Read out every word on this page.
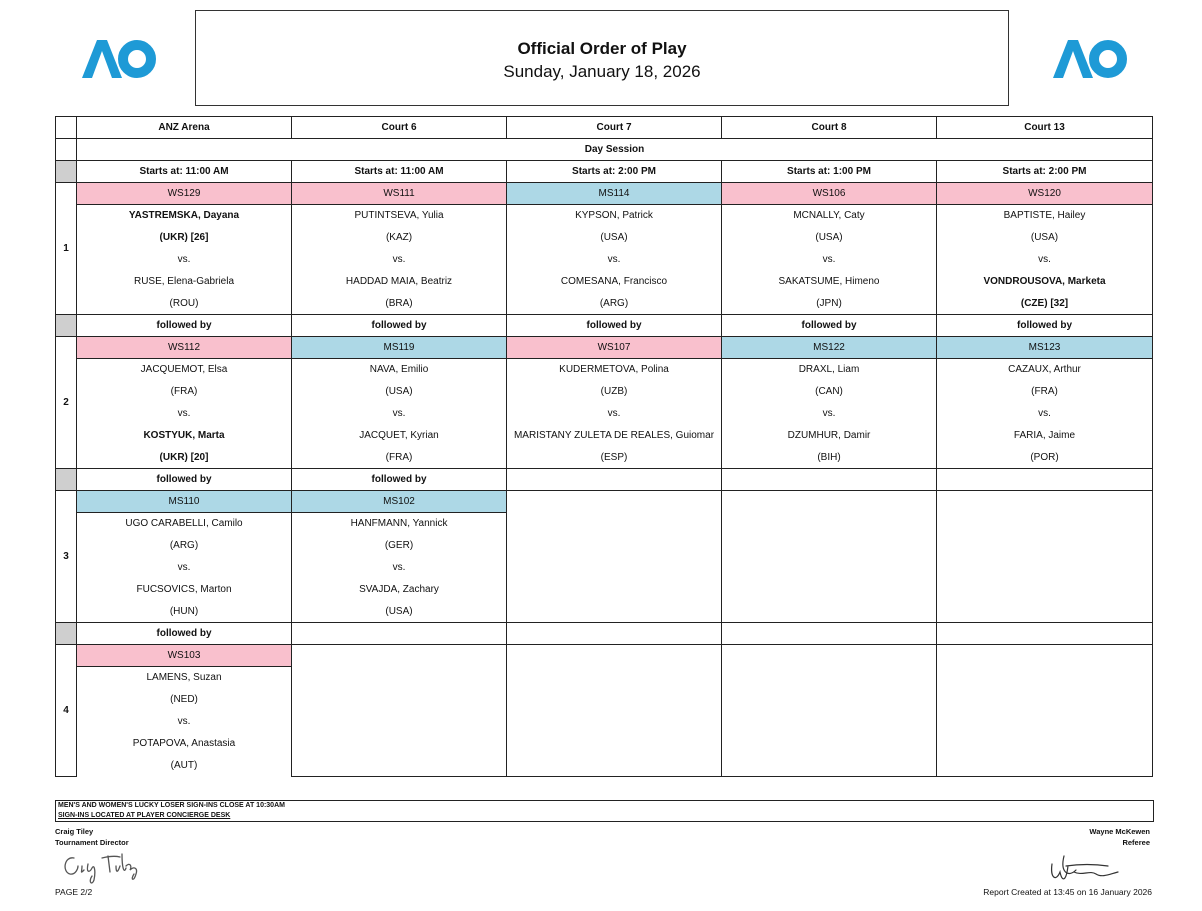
Official Order of Play
Sunday, January 18, 2026
	ANZ Arena	Court 6	Court 7	Court 8	Court 13
	Day Session				
	Starts at: 11:00 AM	Starts at: 11:00 AM	Starts at: 2:00 PM	Starts at: 1:00 PM	Starts at: 2:00 PM
1	WS129	WS111	MS114	WS106	WS120
	YASTREMSKA, Dayana	PUTINTSEVA, Yulia	KYPSON, Patrick	MCNALLY, Caty	BAPTISTE, Hailey
	(UKR) [26]	(KAZ)	(USA)	(USA)	(USA)
	vs.	vs.	vs.	vs.	vs.
	RUSE, Elena-Gabriela	HADDAD MAIA, Beatriz	COMESANA, Francisco	SAKATSUME, Himeno	VONDROUSOVA, Marketa
	(ROU)	(BRA)	(ARG)	(JPN)	(CZE) [32]
	followed by	followed by	followed by	followed by	followed by
2	WS112	MS119	WS107	MS122	MS123
	JACQUEMOT, Elsa	NAVA, Emilio	KUDERMETOVA, Polina	DRAXL, Liam	CAZAUX, Arthur
	(FRA)	(USA)	(UZB)	(CAN)	(FRA)
	vs.	vs.	vs.	vs.	vs.
	KOSTYUK, Marta	JACQUET, Kyrian	MARISTANY ZULETA DE REALES, Guiomar	DZUMHUR, Damir	FARIA, Jaime
	(UKR) [20]	(FRA)	(ESP)	(BIH)	(POR)
	followed by	followed by			
3	MS110	MS102			
	UGO CARABELLI, Camilo	HANFMANN, Yannick			
	(ARG)	(GER)			
	vs.	vs.			
	FUCSOVICS, Marton	SVAJDA, Zachary			
	(HUN)	(USA)			
	followed by				
4	WS103				
	LAMENS, Suzan				
	(NED)				
	vs.				
	POTAPOVA, Anastasia				
	(AUT)				
MEN'S AND WOMEN'S LUCKY LOSER SIGN-INS CLOSE AT 10:30AM
SIGN-INS LOCATED AT PLAYER CONCIERGE DESK
Craig Tiley
Tournament Director
Wayne McKewen
Referee
PAGE 2/2	Report Created at 13:45 on 16 January 2026
